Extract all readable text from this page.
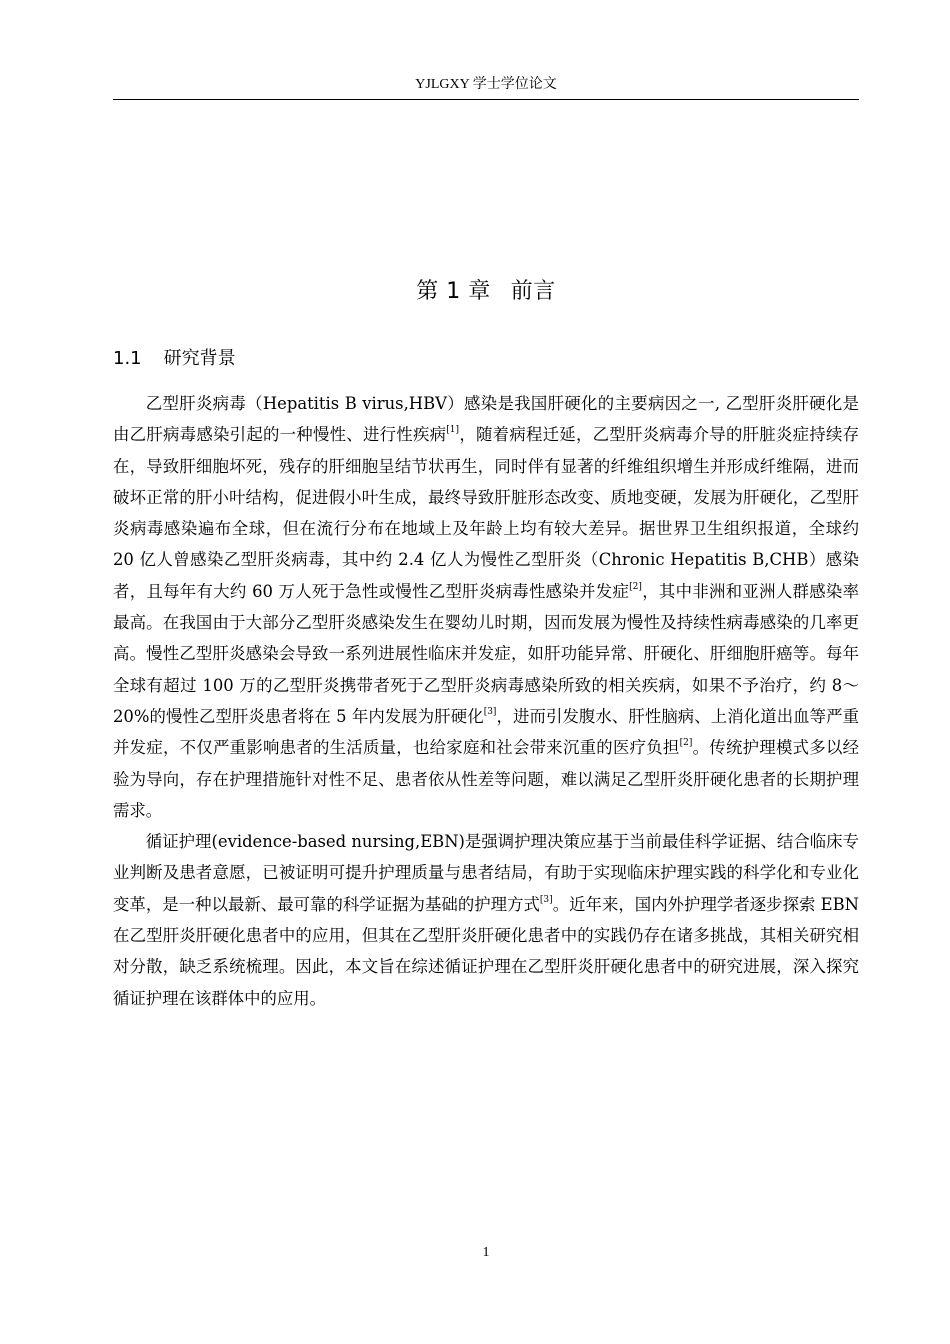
YJLGXY 学士学位论文
第 1 章 前言
1.1 研究背景

乙型肝炎病毒（Hepatitis B virus,HBV）感染是我国肝硬化的主要病因之一, 乙型肝炎肝硬化是由乙肝病毒感染引起的一种慢性、进行性疾病[1]，随着病程迁延，乙型肝炎病毒介导的肝脏炎症持续存在，导致肝细胞坏死，残存的肝细胞呈结节状再生，同时伴有显著的纤维组织增生并形成纤维隔，进而破坏正常的肝小叶结构，促进假小叶生成，最终导致肝脏形态改变、质地变硬，发展为肝硬化，乙型肝炎病毒感染遍布全球，但在流行分布在地域上及年龄上均有较大差异。据世界卫生组织报道，全球约 20 亿人曾感染乙型肝炎病毒，其中约 2.4 亿人为慢性乙型肝炎（Chronic Hepatitis B,CHB）感染者，且每年有大约 60 万人死于急性或慢性乙型肝炎病毒性感染并发症[2]，其中非洲和亚洲人群感染率最高。在我国由于大部分乙型肝炎感染发生在婴幼儿时期，因而发展为慢性及持续性病毒感染的几率更高。慢性乙型肝炎感染会导致一系列进展性临床并发症，如肝功能异常、肝硬化、肝细胞肝癌等。每年全球有超过 100 万的乙型肝炎携带者死于乙型肝炎病毒感染所致的相关疾病，如果不予治疗，约 8～20%的慢性乙型肝炎患者将在 5 年内发展为肝硬化[3]，进而引发腹水、肝性脑病、上消化道出血等严重并发症，不仅严重影响患者的生活质量，也给家庭和社会带来沉重的医疗负担[2]。传统护理模式多以经验为导向，存在护理措施针对性不足、患者依从性差等问题，难以满足乙型肝炎肝硬化患者的长期护理需求。

循证护理(evidence-based nursing,EBN)是强调护理决策应基于当前最佳科学证据、结合临床专业判断及患者意愿，已被证明可提升护理质量与患者结局，有助于实现临床护理实践的科学化和专业化变革，是一种以最新、最可靠的科学证据为基础的护理方式[3]。近年来，国内外护理学者逐步探索 EBN 在乙型肝炎肝硬化患者中的应用，但其在乙型肝炎肝硬化患者中的实践仍存在诸多挑战，其相关研究相对分散，缺乏系统梳理。因此，本文旨在综述循证护理在乙型肝炎肝硬化患者中的研究进展，深入探究循证护理在该群体中的应用。

1
